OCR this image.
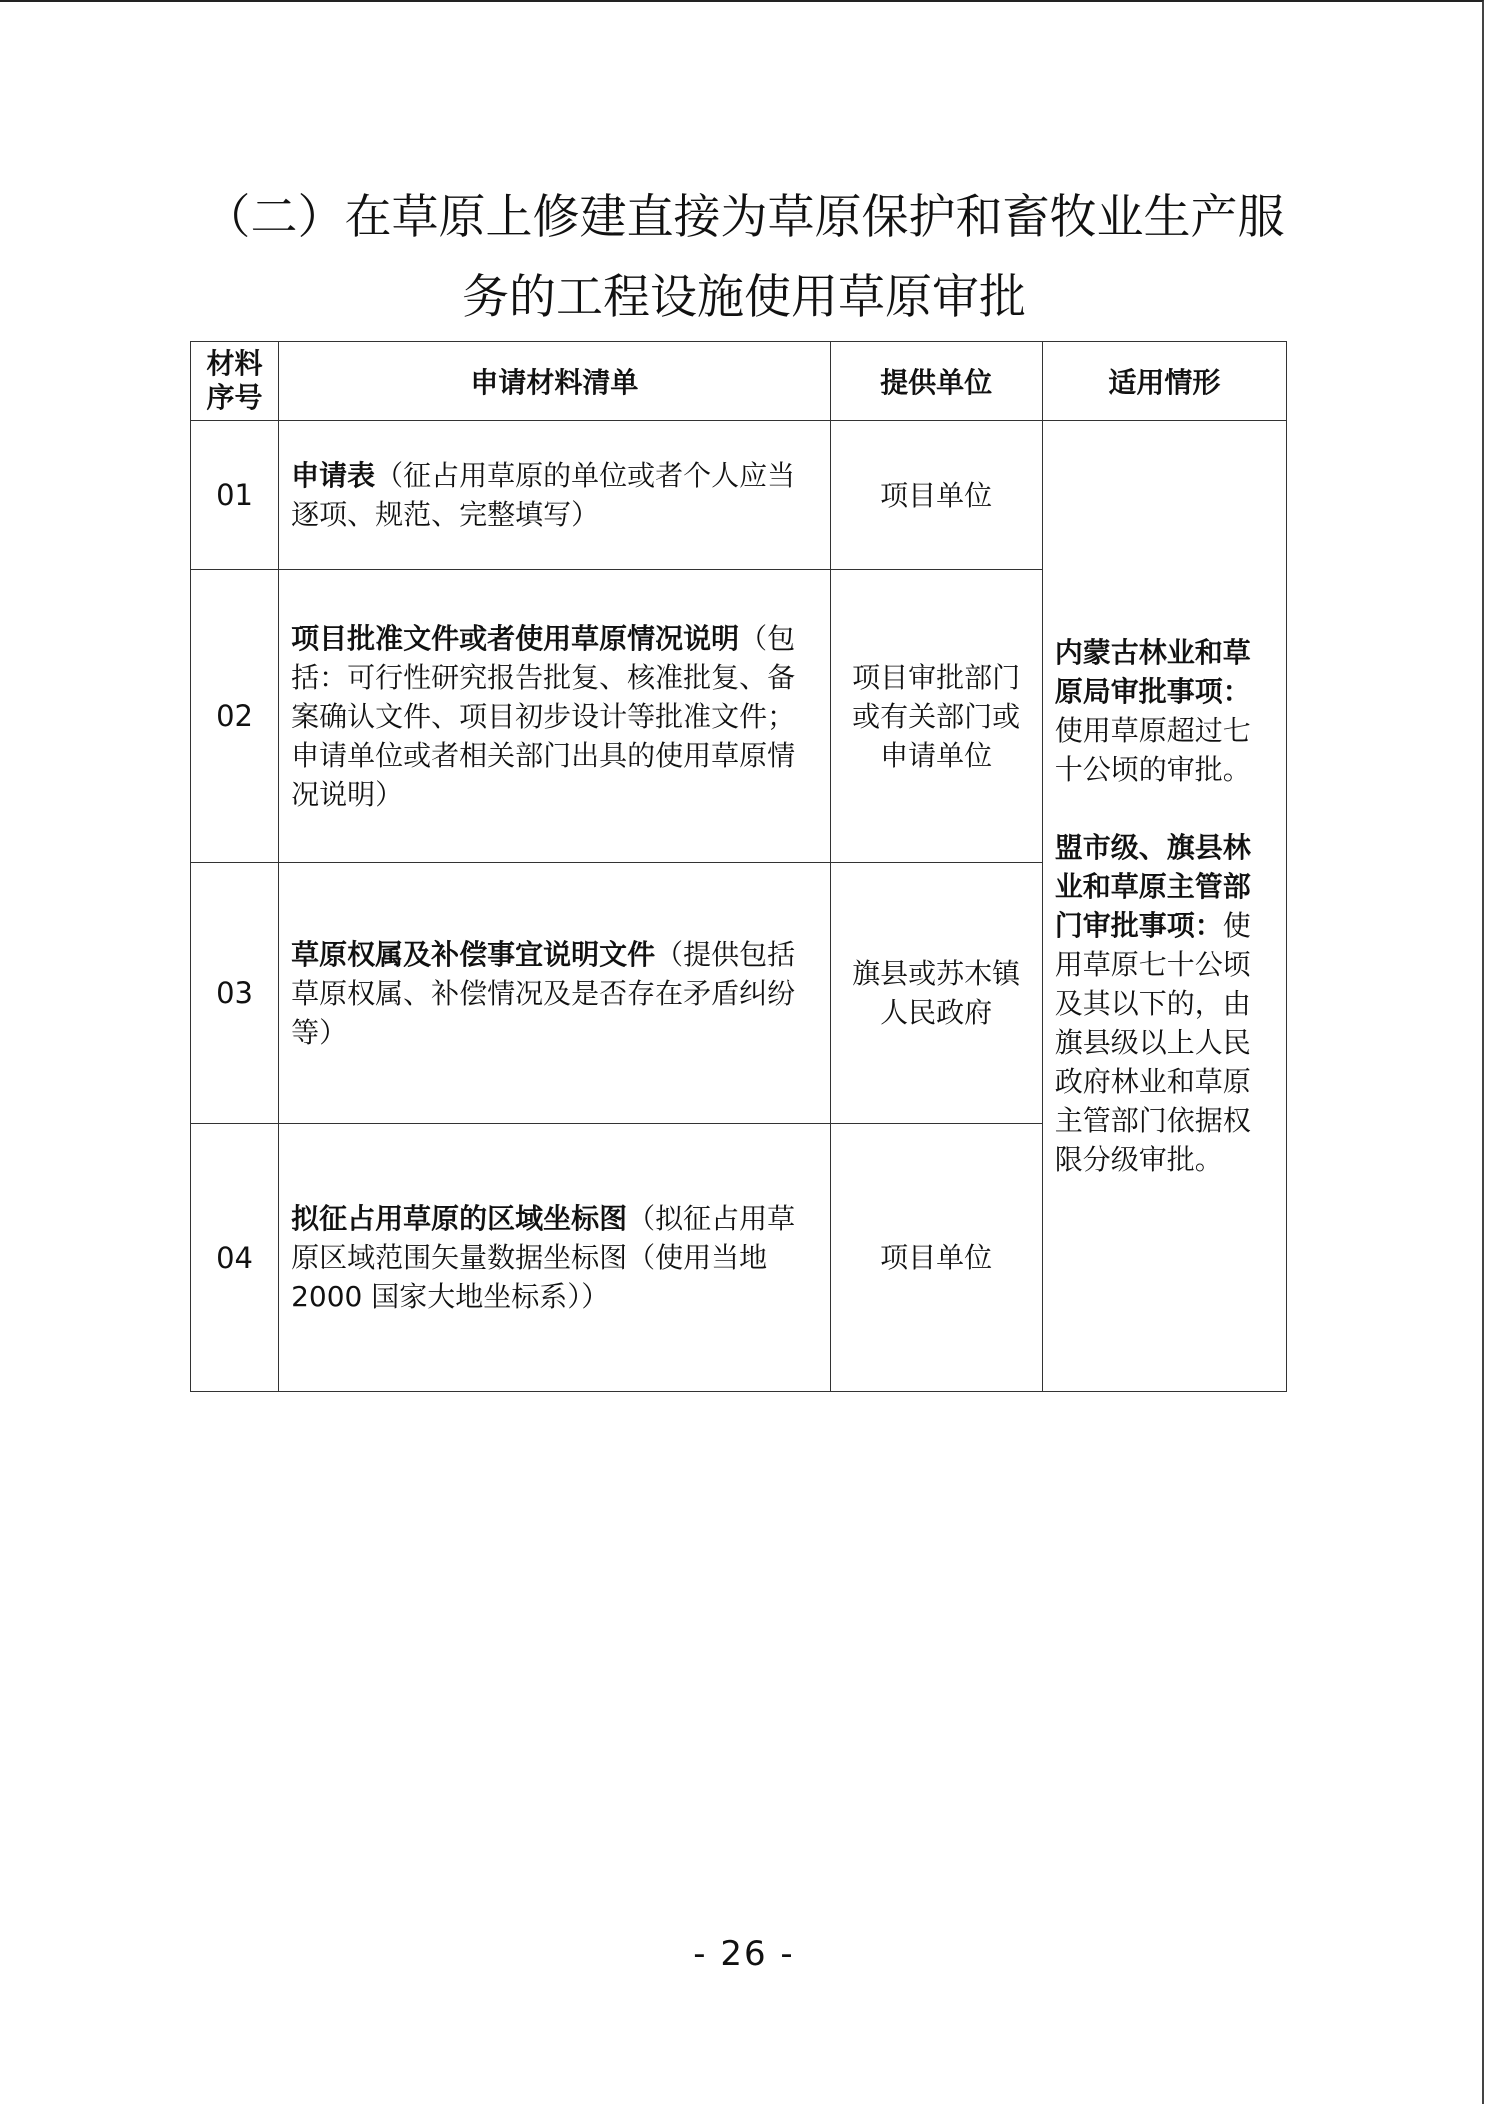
（二）在草原上修建直接为草原保护和畜牧业生产服
务的工程设施使用草原审批
材料
序号	申请材料清单	提供单位	适用情形
01	申请表（征占用草原的单位或者个人应当逐项、规范、完整填写）	项目单位	内蒙古林业和草原局审批事项：使用草原超过七十公顷的审批。
盟市级、旗县林业和草原主管部门审批事项：使用草原七十公顷及其以下的，由旗县级以上人民政府林业和草原主管部门依据权限分级审批。

02	项目批准文件或者使用草原情况说明（包括：可行性研究报告批复、核准批复、备案确认文件、项目初步设计等批准文件；申请单位或者相关部门出具的使用草原情况说明）	项目审批部门或有关部门或申请单位	
03	草原权属及补偿事宜说明文件（提供包括草原权属、补偿情况及是否存在矛盾纠纷等）	旗县或苏木镇人民政府	
04	拟征占用草原的区域坐标图（拟征占用草原区域范围矢量数据坐标图（使用当地 2000 国家大地坐标系））	项目单位	
- 26 -
